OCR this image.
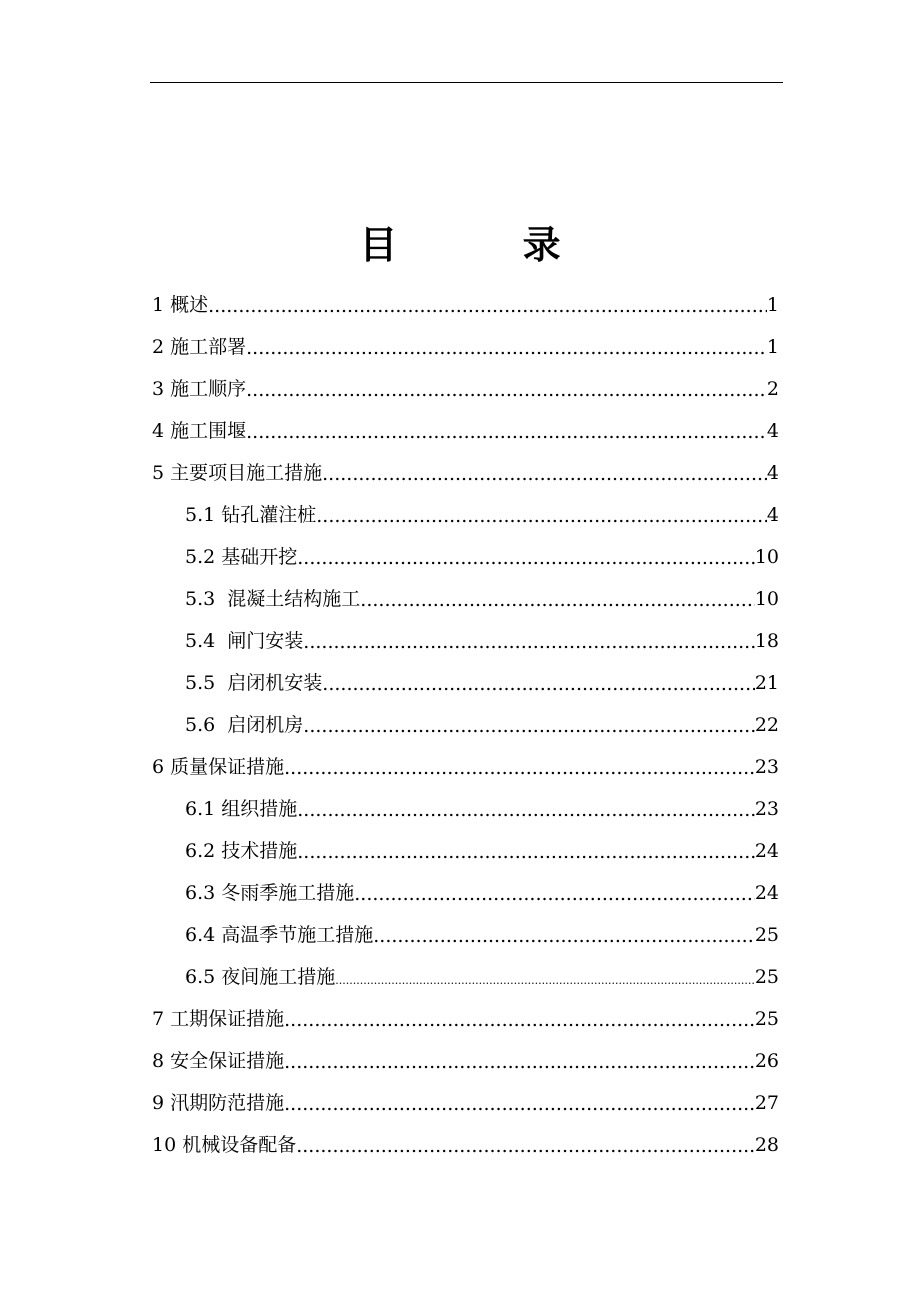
目 录
1 概述 .....	1
2 施工部署 .....	1
3 施工顺序 .....	2
4 施工围堰 .....	4
5 主要项目施工措施 .....	4
5.1 钻孔灌注桩 .....	4
5.2 基础开挖 .....	10
5.3  混凝土结构施工 .....	10
5.4  闸门安装 .....	18
5.5  启闭机安装 .....	21
5.6  启闭机房 .....	22
6 质量保证措施 .....	23
6.1 组织措施 .....	23
6.2 技术措施 .....	24
6.3 冬雨季施工措施 .....	24
6.4 高温季节施工措施 .....	25
6.5 夜间施工措施 .....	25
7 工期保证措施 .....	25
8 安全保证措施 .....	26
9 汛期防范措施 .....	27
10 机械设备配备 .....	28
